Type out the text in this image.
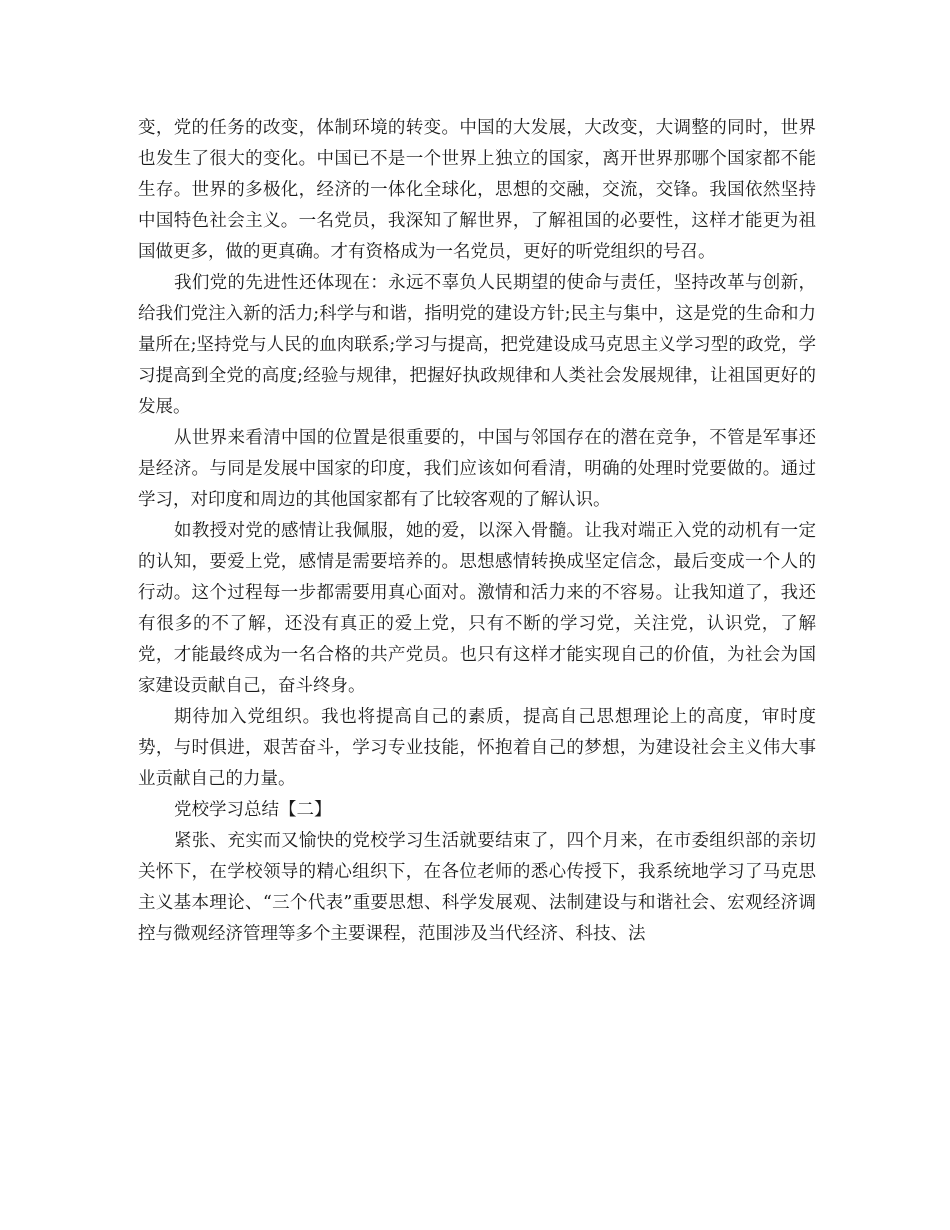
变，党的任务的改变，体制环境的转变。中国的大发展，大改变，大调整的同时，世界也发生了很大的变化。中国已不是一个世界上独立的国家，离开世界那哪个国家都不能生存。世界的多极化，经济的一体化全球化，思想的交融，交流，交锋。我国依然坚持中国特色社会主义。一名党员，我深知了解世界，了解祖国的必要性，这样才能更为祖国做更多，做的更真确。才有资格成为一名党员，更好的听党组织的号召。

我们党的先进性还体现在：永远不辜负人民期望的使命与责任，坚持改革与创新，给我们党注入新的活力;科学与和谐，指明党的建设方针;民主与集中，这是党的生命和力量所在;坚持党与人民的血肉联系;学习与提高，把党建设成马克思主义学习型的政党，学习提高到全党的高度;经验与规律，把握好执政规律和人类社会发展规律，让祖国更好的发展。

从世界来看清中国的位置是很重要的，中国与邻国存在的潜在竞争，不管是军事还是经济。与同是发展中国家的印度，我们应该如何看清，明确的处理时党要做的。通过学习，对印度和周边的其他国家都有了比较客观的了解认识。

如教授对党的感情让我佩服，她的爱，以深入骨髓。让我对端正入党的动机有一定的认知，要爱上党，感情是需要培养的。思想感情转换成坚定信念，最后变成一个人的行动。这个过程每一步都需要用真心面对。激情和活力来的不容易。让我知道了，我还有很多的不了解，还没有真正的爱上党，只有不断的学习党，关注党，认识党，了解党，才能最终成为一名合格的共产党员。也只有这样才能实现自己的价值，为社会为国家建设贡献自己，奋斗终身。

期待加入党组织。我也将提高自己的素质，提高自己思想理论上的高度，审时度势，与时俱进，艰苦奋斗，学习专业技能，怀抱着自己的梦想，为建设社会主义伟大事业贡献自己的力量。

党校学习总结【二】

紧张、充实而又愉快的党校学习生活就要结束了，四个月来，在市委组织部的亲切关怀下，在学校领导的精心组织下，在各位老师的悉心传授下，我系统地学习了马克思主义基本理论、“三个代表”重要思想、科学发展观、法制建设与和谐社会、宏观经济调控与微观经济管理等多个主要课程，范围涉及当代经济、科技、法
